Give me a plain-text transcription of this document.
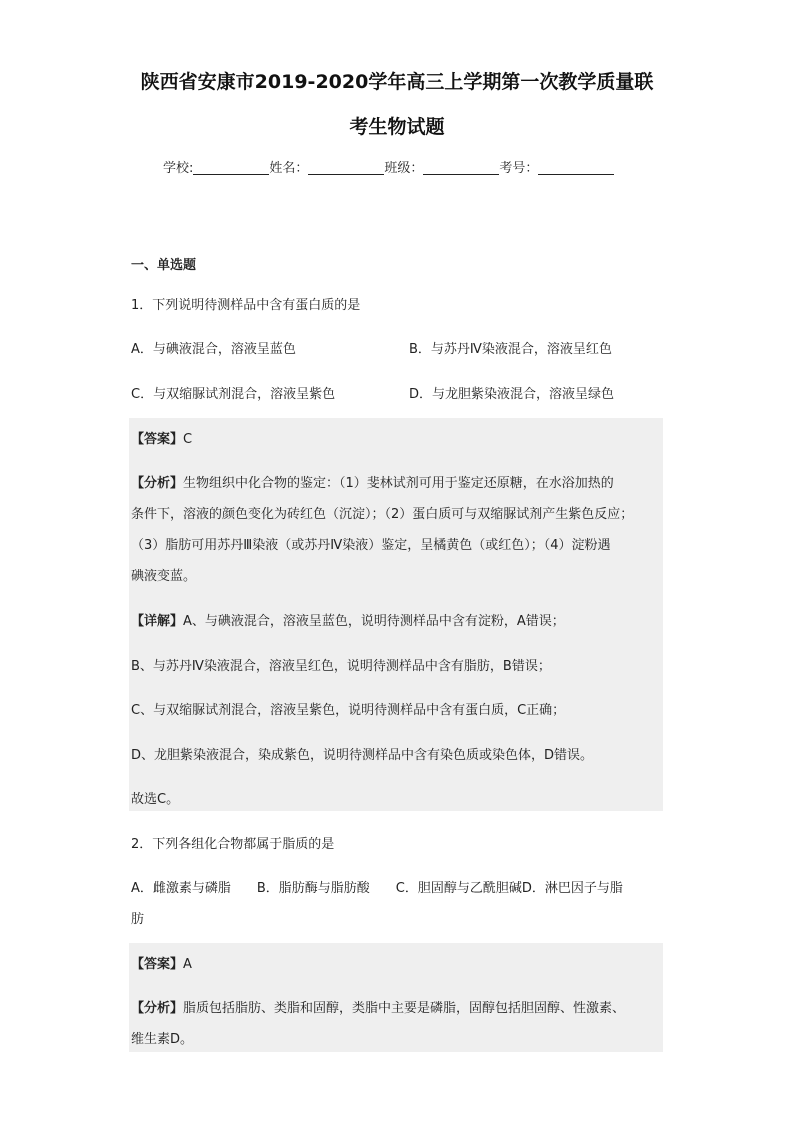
陕西省安康市2019-2020学年高三上学期第一次教学质量联
考生物试题
学校:	姓名：	班级：	考号：
一、单选题
1．下列说明待测样品中含有蛋白质的是
A．与碘液混合，溶液呈蓝色	B．与苏丹Ⅳ染液混合，溶液呈红色
C．与双缩脲试剂混合，溶液呈紫色	D．与龙胆紫染液混合，溶液呈绿色
【答案】C
【分析】生物组织中化合物的鉴定：（1）斐林试剂可用于鉴定还原糖，在水浴加热的
条件下，溶液的颜色变化为砖红色（沉淀）；（2）蛋白质可与双缩脲试剂产生紫色反应；
（3）脂肪可用苏丹Ⅲ染液（或苏丹Ⅳ染液）鉴定，呈橘黄色（或红色）；（4）淀粉遇
碘液变蓝。
【详解】A、与碘液混合，溶液呈蓝色，说明待测样品中含有淀粉，A错误；
B、与苏丹Ⅳ染液混合，溶液呈红色，说明待测样品中含有脂肪，B错误；
C、与双缩脲试剂混合，溶液呈紫色，说明待测样品中含有蛋白质，C正确；
D、龙胆紫染液混合，染成紫色，说明待测样品中含有染色质或染色体，D错误。
故选C。
2．下列各组化合物都属于脂质的是
A．雌激素与磷脂　　B．脂肪酶与脂肪酸　　C．胆固醇与乙酰胆碱D．淋巴因子与脂
肪
【答案】A
【分析】脂质包括脂肪、类脂和固醇，类脂中主要是磷脂，固醇包括胆固醇、性激素、
维生素D。
